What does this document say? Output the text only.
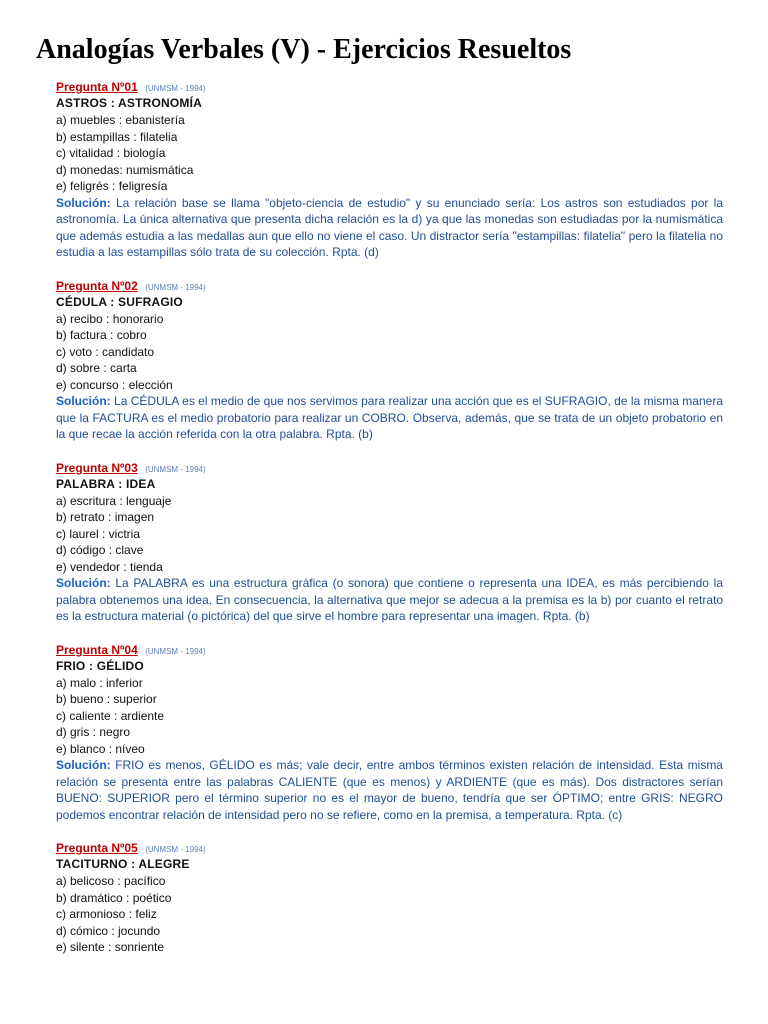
Analogías Verbales (V) - Ejercicios Resueltos
Pregunta Nº01 (UNMSM - 1994)
ASTROS : ASTRONOMÍA
a) muebles : ebanistería
b) estampillas : filatelia
c) vitalidad : biología
d) monedas: numismática
e) feligrés : feligresía

Solución: La relación base se llama "objeto-ciencia de estudio" y su enunciado sería: Los astros son estudiados por la astronomía. La única alternativa que presenta dicha relación es la d) ya que las monedas son estudiadas por la numismática que además estudia a las medallas aun que ello no viene el caso. Un distractor sería "estampillas: filatelia" pero la filatelia no estudia a las estampillas sólo trata de su colección. Rpta. (d)

Pregunta Nº02 (UNMSM - 1994)
CÉDULA : SUFRAGIO
a) recibo : honorario
b) factura : cobro
c) voto : candidato
d) sobre : carta
e) concurso : elección

Solución: La CÉDULA es el medio de que nos servimos para realizar una acción que es el SUFRAGIO, de la misma manera que la FACTURA es el medio probatorio para realizar un COBRO. Observa, además, que se trata de un objeto probatorio en la que recae la acción referida con la otra palabra. Rpta. (b)

Pregunta Nº03 (UNMSM - 1994)
PALABRA : IDEA
a) escritura : lenguaje
b) retrato : imagen
c) laurel : victria
d) código : clave
e) vendedor : tienda

Solución: La PALABRA es una estructura gráfica (o sonora) que contiene o representa una IDEA, es más percibiendo la palabra obtenemos una idea. En consecuencia, la alternativa que mejor se adecua a la premisa es la b) por cuanto el retrato es la estructura material (o pictórica) del que sirve el hombre para representar una imagen. Rpta. (b)

Pregunta Nº04 (UNMSM - 1994)
FRIO : GÉLIDO
a) malo : inferior
b) bueno : superior
c) caliente : ardiente
d) gris : negro
e) blanco : níveo

Solución: FRIO es menos, GÉLIDO es más; vale decir, entre ambos términos existen relación de intensidad. Esta misma relación se presenta entre las palabras CALIENTE (que es menos) y ARDIENTE (que es más). Dos distractores serían BUENO: SUPERIOR pero el término superior no es el mayor de bueno, tendría que ser ÓPTIMO; entre GRIS: NEGRO podemos encontrar relación de intensidad pero no se refiere, como en la premisa, a temperatura. Rpta. (c)

Pregunta Nº05 (UNMSM - 1994)
TACITURNO : ALEGRE
a) belicoso : pacífico
b) dramático : poético
c) armonioso : feliz
d) cómico : jocundo
e) silente : sonriente
